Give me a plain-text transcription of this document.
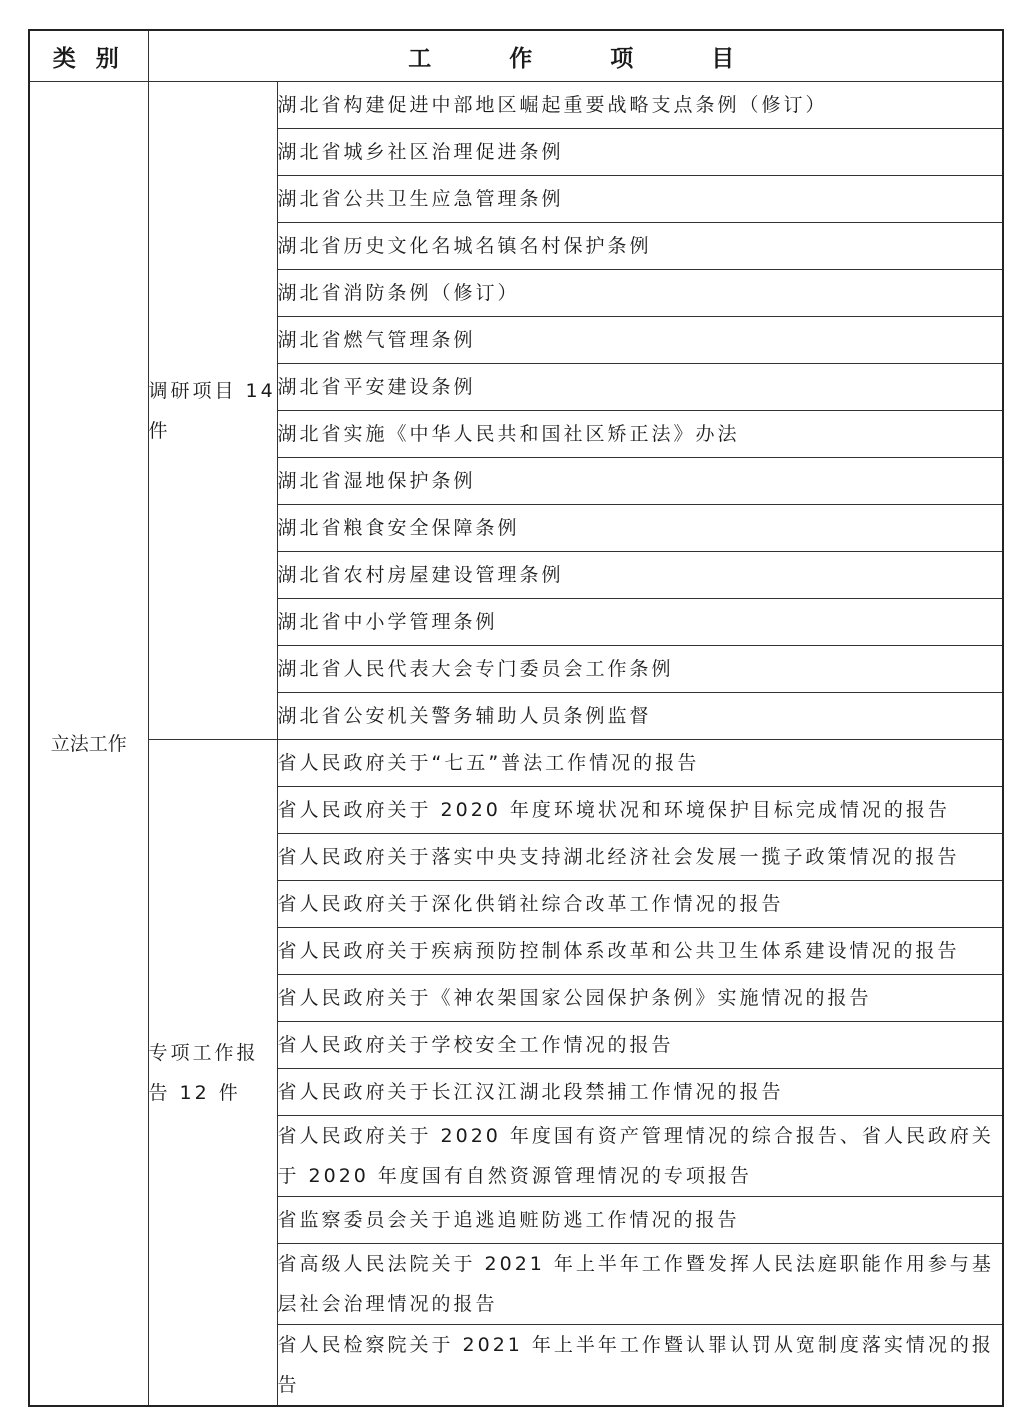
类别	工作项目	
立法工作	调研项目 14 件	湖北省构建促进中部地区崛起重要战略支点条例（修订）
		湖北省城乡社区治理促进条例
		湖北省公共卫生应急管理条例
		湖北省历史文化名城名镇名村保护条例
		湖北省消防条例（修订）
		湖北省燃气管理条例
		湖北省平安建设条例
		湖北省实施《中华人民共和国社区矫正法》办法
		湖北省湿地保护条例
		湖北省粮食安全保障条例
		湖北省农村房屋建设管理条例
		湖北省中小学管理条例
		湖北省人民代表大会专门委员会工作条例
		湖北省公安机关警务辅助人员条例监督
	专项工作报告 12 件	省人民政府关于“七五”普法工作情况的报告
		省人民政府关于 2020 年度环境状况和环境保护目标完成情况的报告
		省人民政府关于落实中央支持湖北经济社会发展一揽子政策情况的报告
		省人民政府关于深化供销社综合改革工作情况的报告
		省人民政府关于疾病预防控制体系改革和公共卫生体系建设情况的报告
		省人民政府关于《神农架国家公园保护条例》实施情况的报告
		省人民政府关于学校安全工作情况的报告
		省人民政府关于长江汉江湖北段禁捕工作情况的报告
		省人民政府关于 2020 年度国有资产管理情况的综合报告、省人民政府关于 2020 年度国有自然资源管理情况的专项报告
		省监察委员会关于追逃追赃防逃工作情况的报告
		省高级人民法院关于 2021 年上半年工作暨发挥人民法庭职能作用参与基层社会治理情况的报告
		省人民检察院关于 2021 年上半年工作暨认罪认罚从宽制度落实情况的报告
